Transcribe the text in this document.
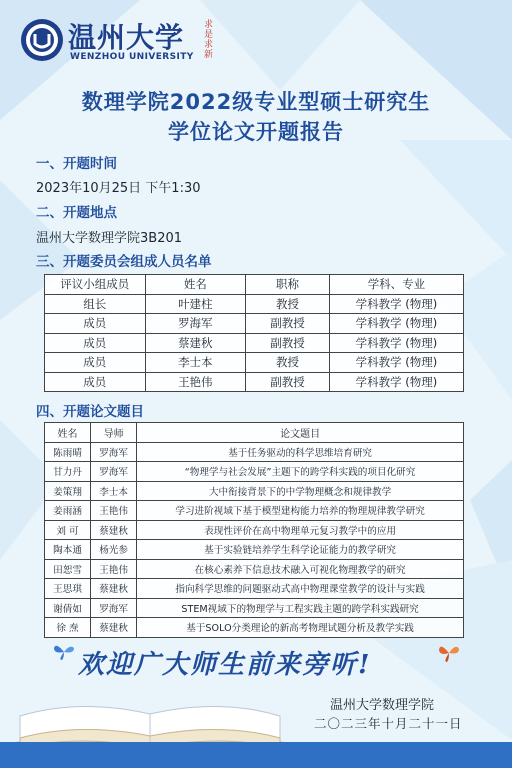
温州大学 求是求新
WENZHOU UNIVERSITY
数理学院2022级专业型硕士研究生
学位论文开题报告
一、开题时间
2023年10月25日 下午1:30
二、开题地点
温州大学数理学院3B201
三、开题委员会组成人员名单
评议小组成员	姓名	职称	学科、专业
组长	叶建柱	教授	学科教学 (物理)
成员	罗海军	副教授	学科教学 (物理)
成员	蔡建秋	副教授	学科教学 (物理)
成员	李士本	教授	学科教学 (物理)
成员	王艳伟	副教授	学科教学 (物理)
四、开题论文题目
姓名	导师	论文题目
陈雨晴	罗海军	基于任务驱动的科学思维培育研究
甘力丹	罗海军	“物理学与社会发展”主题下的跨学科实践的项目化研究
姜策翔	李士本	大中衔接背景下的中学物理概念和规律教学
姜雨涵	王艳伟	学习进阶视域下基于模型建构能力培养的物理规律教学研究
刘 可	蔡建秋	表现性评价在高中物理单元复习教学中的应用
陶本通	杨光参	基于实验链培养学生科学论证能力的教学研究
田恕雪	王艳伟	在核心素养下信息技术融入可视化物理教学的研究
王思琪	蔡建秋	指向科学思维的问题驱动式高中物理课堂教学的设计与实践
谢倩如	罗海军	STEM视域下的物理学与工程实践主题的跨学科实践研究
徐 焘	蔡建秋	基于SOLO分类理论的新高考物理试题分析及教学实践
欢迎广大师生前来旁听!
温州大学数理学院
二〇二三年十月二十一日
